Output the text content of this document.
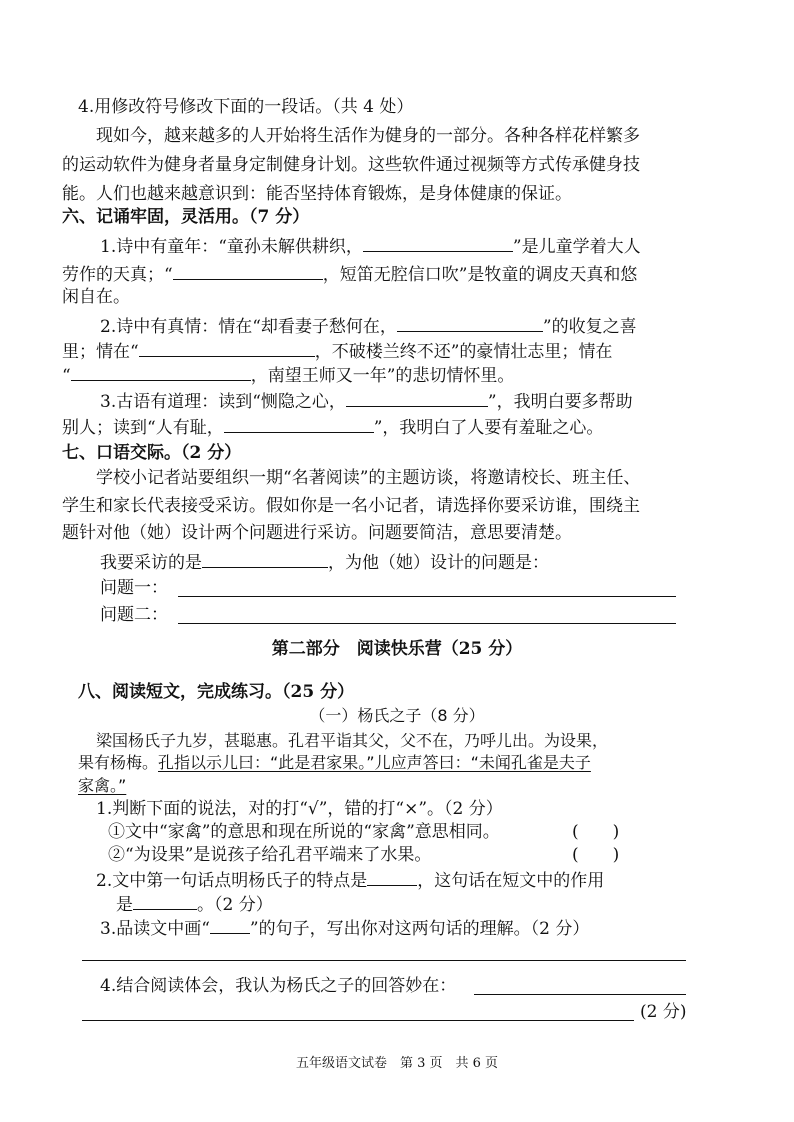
4.用修改符号修改下面的一段话。（共 4 处）
现如今，越来越多的人开始将生活作为健身的一部分。各种各样花样繁多
的运动软件为健身者量身定制健身计划。这些软件通过视频等方式传承健身技
能。人们也越来越意识到：能否坚持体育锻炼，是身体健康的保证。
六、记诵牢固，灵活用。（7 分）
1.诗中有童年：“童孙未解供耕织，	”是儿童学着大人
劳作的天真；“	，短笛无腔信口吹”是牧童的调皮天真和悠
闲自在。
2.诗中有真情：情在“却看妻子愁何在，	”的收复之喜
里；情在“	，不破楼兰终不还”的豪情壮志里；情在
“	，南望王师又一年”的悲切情怀里。
3.古语有道理：读到“恻隐之心，	”，我明白要多帮助
别人；读到“人有耻，	”，我明白了人要有羞耻之心。
七、口语交际。（2 分）
学校小记者站要组织一期“名著阅读”的主题访谈，将邀请校长、班主任、
学生和家长代表接受采访。假如你是一名小记者，请选择你要采访谁，围绕主
题针对他（她）设计两个问题进行采访。问题要简洁，意思要清楚。
我要采访的是	，为他（她）设计的问题是：
问题一：
问题二：
第二部分　阅读快乐营（25 分）
八、阅读短文，完成练习。（25 分）
（一）杨氏之子（8 分）
梁国杨氏子九岁，甚聪惠。孔君平诣其父，父不在，乃呼儿出。为设果，
果有杨梅。孔指以示儿曰：“此是君家果。”儿应声答曰：“未闻孔雀是夫子
家禽。”
1.判断下面的说法，对的打“√”，错的打“×”。（2 分）
①文中“家禽”的意思和现在所说的“家禽”意思相同。	(　　)
②“为设果”是说孩子给孔君平端来了水果。	(　　)
2.文中第一句话点明杨氏子的特点是	，这句话在短文中的作用
是	。（2 分）
3.品读文中画“ ”的句子，写出你对这两句话的理解。（2 分）
4.结合阅读体会，我认为杨氏之子的回答妙在：
(2 分)
五年级语文试卷　第 3 页　共 6 页
